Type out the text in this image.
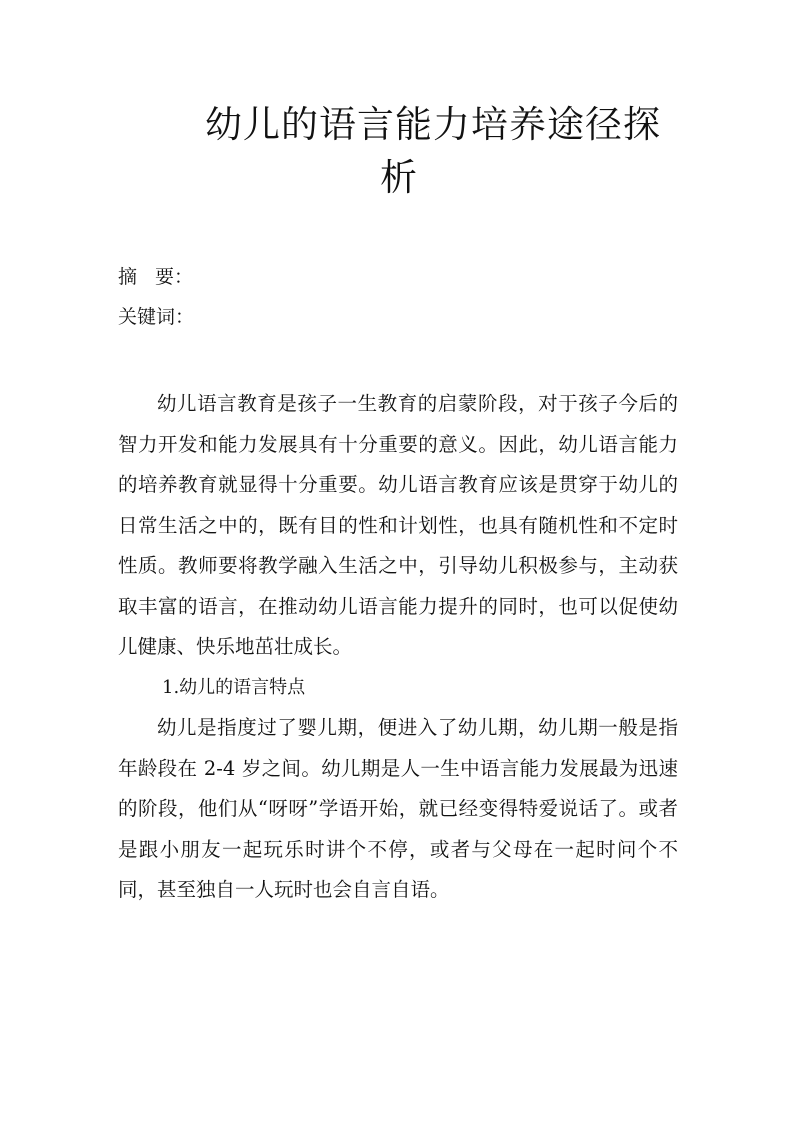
幼儿的语言能力培养途径探
析
摘 要：
关键词：

幼儿语言教育是孩子一生教育的启蒙阶段，对于孩子今后的智力开发和能力发展具有十分重要的意义。因此，幼儿语言能力的培养教育就显得十分重要。幼儿语言教育应该是贯穿于幼儿的日常生活之中的，既有目的性和计划性，也具有随机性和不定时性质。教师要将教学融入生活之中，引导幼儿积极参与，主动获取丰富的语言，在推动幼儿语言能力提升的同时，也可以促使幼儿健康、快乐地茁壮成长。

1.幼儿的语言特点

幼儿是指度过了婴儿期，便进入了幼儿期，幼儿期一般是指年龄段在 2-4 岁之间。幼儿期是人一生中语言能力发展最为迅速的阶段，他们从“呀呀”学语开始，就已经变得特爱说话了。或者是跟小朋友一起玩乐时讲个不停，或者与父母在一起时问个不同，甚至独自一人玩时也会自言自语。
